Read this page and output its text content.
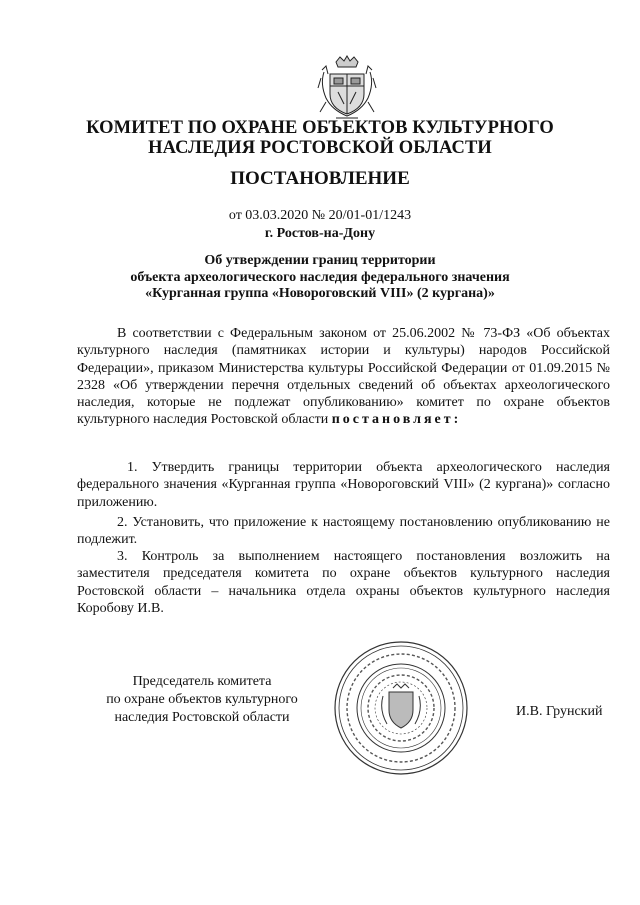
КОМИТЕТ ПО ОХРАНЕ ОБЪЕКТОВ КУЛЬТУРНОГО
НАСЛЕДИЯ РОСТОВСКОЙ ОБЛАСТИ
ПОСТАНОВЛЕНИЕ
от 03.03.2020 № 20/01-01/1243
г. Ростов-на-Дону
Об утверждении границ территории
объекта археологического наследия федерального значения
«Курганная группа «Новороговский VIII» (2 кургана)»
В соответствии с Федеральным законом от 25.06.2002 № 73-ФЗ «Об объектах культурного наследия (памятниках истории и культуры) народов Российской Федерации», приказом Министерства культуры Российской Федерации от 01.09.2015 № 2328 «Об утверждении перечня отдельных сведений об объектах археологического наследия, которые не подлежат опубликованию» комитет по охране объектов культурного наследия Ростовской области постановляет:
1. Утвердить границы территории объекта археологического наследия федерального значения «Курганная группа «Новороговский VIII» (2 кургана)» согласно приложению.
2. Установить, что приложение к настоящему постановлению опубликованию не подлежит.
3. Контроль за выполнением настоящего постановления возложить на заместителя председателя комитета по охране объектов культурного наследия Ростовской области – начальника отдела охраны объектов культурного наследия Коробову И.В.
Председатель комитета
по охране объектов культурного
наследия Ростовской области	И.В. Грунский
